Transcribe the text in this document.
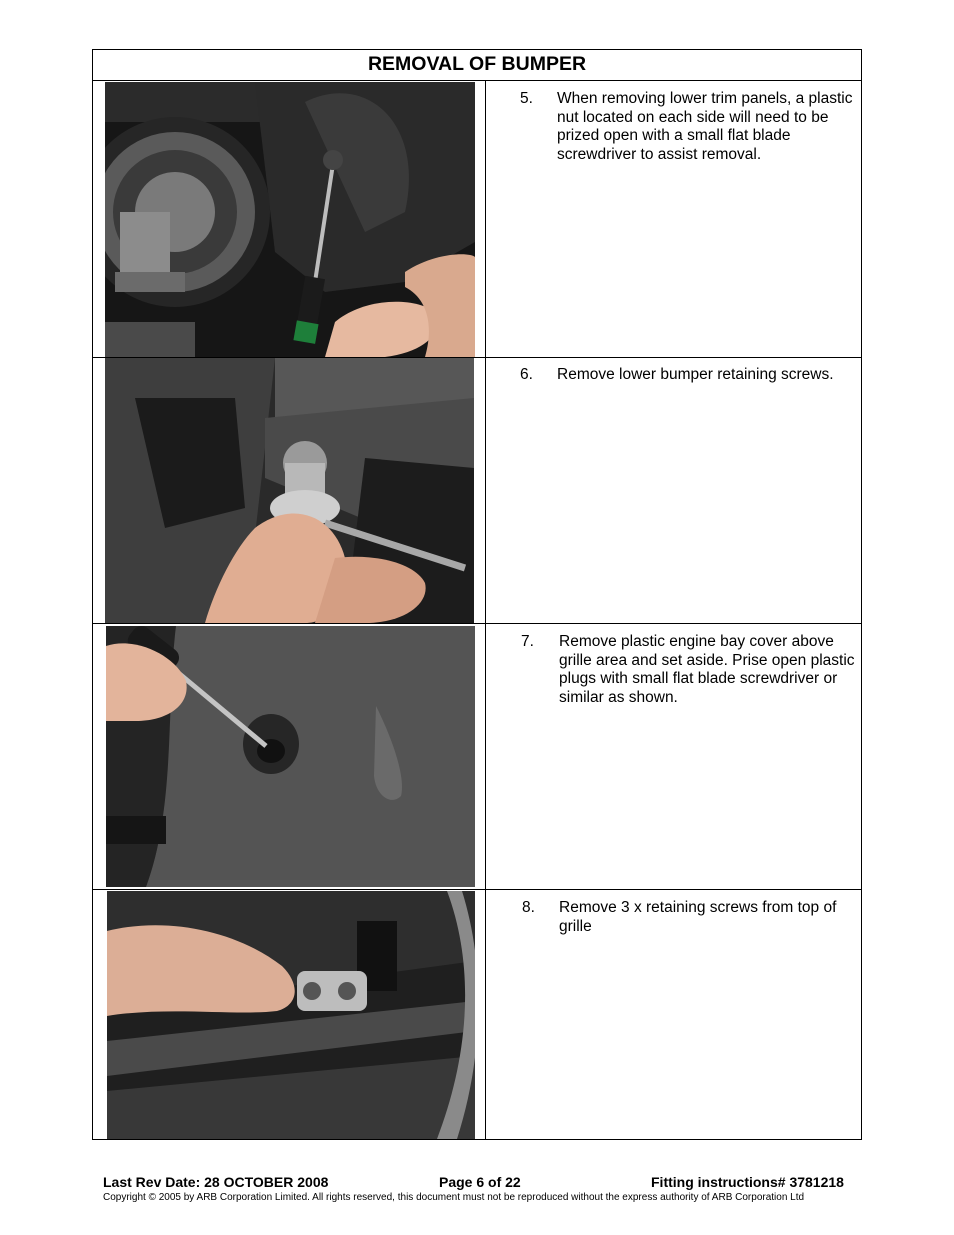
REMOVAL OF BUMPER
5. When removing lower trim panels, a plastic nut located on each side will need to be prized open with a small flat blade screwdriver to assist removal.
6. Remove lower bumper retaining screws.
7. Remove plastic engine bay cover above grille area and set aside. Prise open plastic plugs with small flat blade screwdriver or similar as shown.
8. Remove 3 x retaining screws from top of grille
Last Rev Date: 28 OCTOBER 2008	Page 6 of 22	Fitting instructions# 3781218
Copyright © 2005 by ARB Corporation Limited. All rights reserved, this document must not be reproduced without the express authority of ARB Corporation Ltd
